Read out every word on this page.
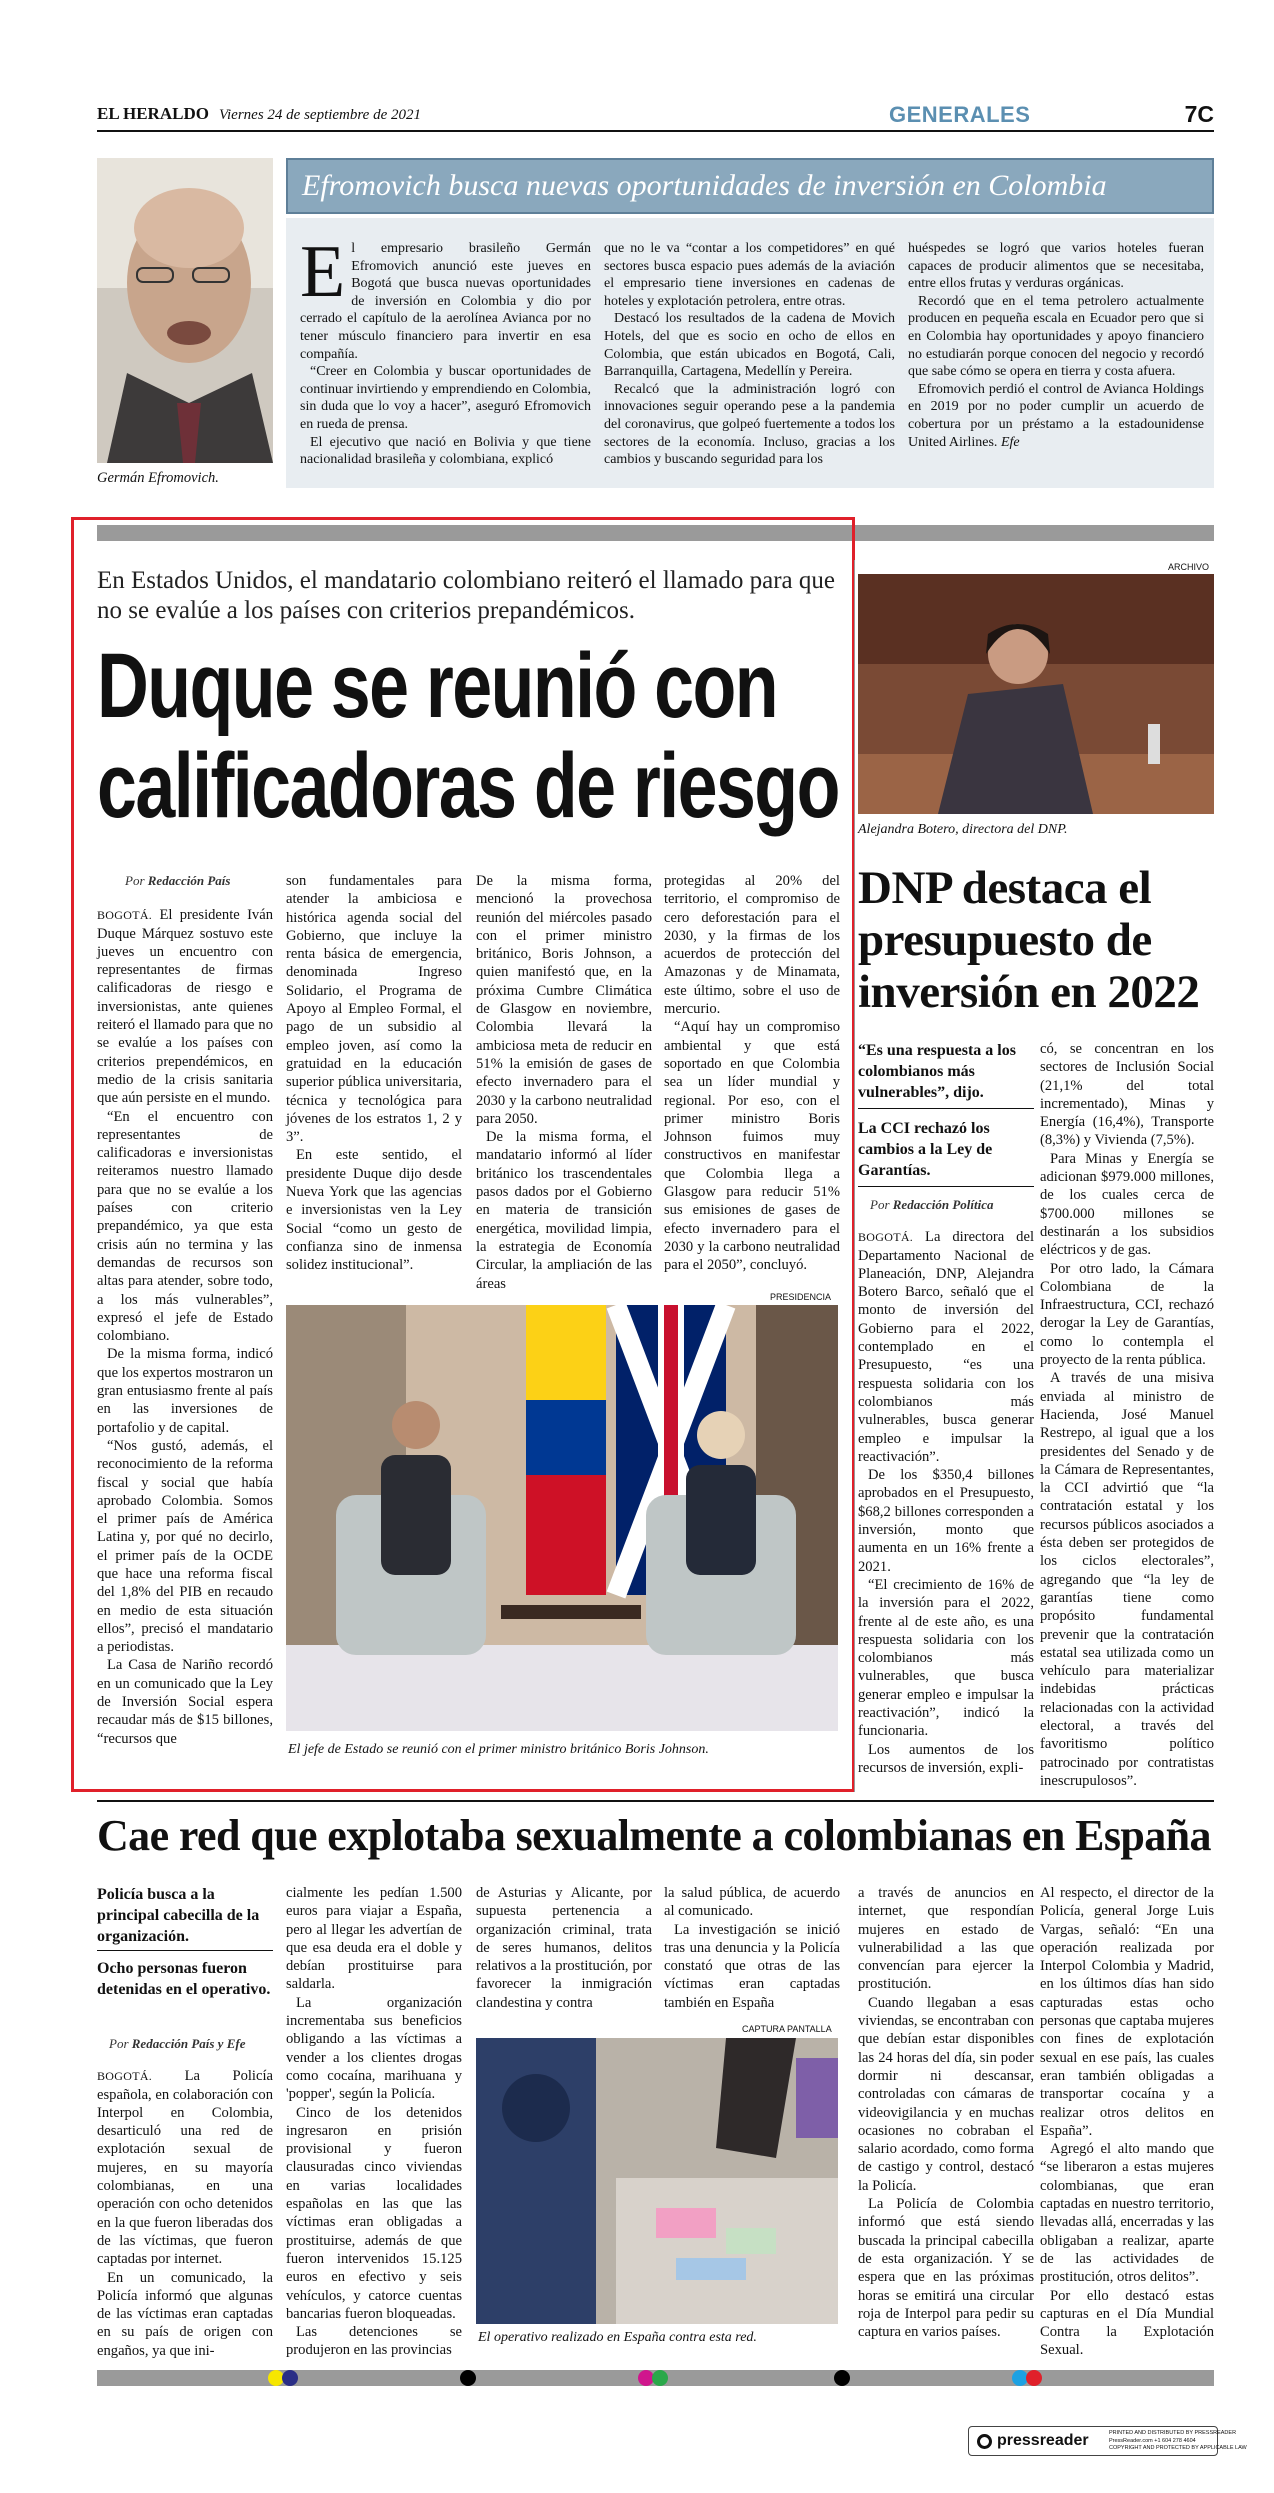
EL HERALDO Viernes 24 de septiembre de 2021	GENERALES	7C
Germán Efromovich.
Efromovich busca nuevas oportunidades de inversión en Colombia

El empresario brasileño Germán Efromovich anunció este jueves en Bogotá que busca nuevas oportunidades de inversión en Colombia y dio por cerrado el capítulo de la aerolínea Avianca por no tener músculo financiero para invertir en esa compañía.

“Creer en Colombia y buscar oportunidades de continuar invirtiendo y emprendiendo en Colombia, sin duda que lo voy a hacer”, aseguró Efromovich en rueda de prensa.

El ejecutivo que nació en Bolivia y que tiene nacionalidad brasileña y colombiana, explicó

que no le va “contar a los competidores” en qué sectores busca espacio pues además de la aviación el empresario tiene inversiones en cadenas de hoteles y explotación petrolera, entre otras.

Destacó los resultados de la cadena de Movich Hotels, del que es socio en ocho de ellos en Colombia, que están ubicados en Bogotá, Cali, Barranquilla, Cartagena, Medellín y Pereira.

Recalcó que la administración logró con innovaciones seguir operando pese a la pandemia del coronavirus, que golpeó fuertemente a todos los sectores de la economía. Incluso, gracias a los cambios y buscando seguridad para los

huéspedes se logró que varios hoteles fueran capaces de producir alimentos que se necesitaba, entre ellos frutas y verduras orgánicas.

Recordó que en el tema petrolero actualmente producen en pequeña escala en Ecuador pero que si en Colombia hay oportunidades y apoyo financiero no estudiarán porque conocen del negocio y recordó que sabe cómo se opera en tierra y costa afuera.

Efromovich perdió el control de Avianca Holdings en 2019 por no poder cumplir un acuerdo de cobertura por un préstamo a la estadounidense United Airlines. Efe

En Estados Unidos, el mandatario colombiano reiteró el llamado para que no se evalúe a los países con criterios prepandémicos.
Duque se reunió con
calificadoras de riesgo
Por Redacción País

BOGOTÁ. El presidente Iván Duque Márquez sostuvo este jueves un encuentro con representantes de firmas calificadoras de riesgo e inversionistas, ante quienes reiteró el llamado para que no se evalúe a los países con criterios prependémicos, en medio de la crisis sanitaria que aún persiste en el mundo.

“En el encuentro con representantes de calificadoras e inversionistas reiteramos nuestro llamado para que no se evalúe a los países con criterio prepandémico, ya que esta crisis aún no termina y las demandas de recursos son altas para atender, sobre todo, a los más vulnerables”, expresó el jefe de Estado colombiano.

De la misma forma, indicó que los expertos mostraron un gran entusiasmo frente al país en las inversiones de portafolio y de capital.

“Nos gustó, además, el reconocimiento de la reforma fiscal y social que había aprobado Colombia. Somos el primer país de América Latina y, por qué no decirlo, el primer país de la OCDE que hace una reforma fiscal del 1,8% del PIB en recaudo en medio de esta situación ellos”, precisó el mandatario a periodistas.

La Casa de Nariño recordó en un comunicado que la Ley de Inversión Social espera recaudar más de $15 billones, “recursos que

son fundamentales para atender la ambiciosa e histórica agenda social del Gobierno, que incluye la renta básica de emergencia, denominada Ingreso Solidario, el Programa de Apoyo al Empleo Formal, el pago de un subsidio al empleo joven, así como la gratuidad en la educación superior pública universitaria, técnica y tecnológica para jóvenes de los estratos 1, 2 y 3”.

En este sentido, el presidente Duque dijo desde Nueva York que las agencias e inversionistas ven la Ley Social “como un gesto de confianza sino de inmensa solidez institucional”.

De la misma forma, mencionó la provechosa reunión del miércoles pasado con el primer ministro británico, Boris Johnson, a quien manifestó que, en la próxima Cumbre Climática de Glasgow en noviembre, Colombia llevará la ambiciosa meta de reducir en 51% la emisión de gases de efecto invernadero para el 2030 y la carbono neutralidad para 2050.

De la misma forma, el mandatario informó al líder británico los trascendentales pasos dados por el Gobierno en materia de transición energética, movilidad limpia, la estrategia de Economía Circular, la ampliación de las áreas

protegidas al 20% del territorio, el compromiso de cero deforestación para el 2030, y la firmas de los acuerdos de protección del Amazonas y de Minamata, este último, sobre el uso de mercurio.

“Aquí hay un compromiso ambiental y que está soportado en que Colombia sea un líder mundial y regional. Por eso, con el primer ministro Boris Johnson fuimos muy constructivos en manifestar que Colombia llega a Glasgow para reducir 51% sus emisiones de gases de efecto invernadero para el 2030 y la carbono neutralidad para el 2050”, concluyó.

PRESIDENCIA
El jefe de Estado se reunió con el primer ministro británico Boris Johnson.
ARCHIVO
Alejandra Botero, directora del DNP.
DNP destaca el presupuesto de inversión en 2022
“Es una respuesta a los colombianos más vulnerables”, dijo.
La CCI rechazó los cambios a la Ley de Garantías.
Por Redacción Política

BOGOTÁ. La directora del Departamento Nacional de Planeación, DNP, Alejandra Botero Barco, señaló que el monto de inversión del Gobierno para el 2022, contemplado en el Presupuesto, “es una respuesta solidaria con los colombianos más vulnerables, busca generar empleo e impulsar la reactivación”.

De los $350,4 billones aprobados en el Presupuesto, $68,2 billones corresponden a inversión, monto que aumenta en un 16% frente a 2021.

“El crecimiento de 16% de la inversión para el 2022, frente al de este año, es una respuesta solidaria con los colombianos más vulnerables, que busca generar empleo e impulsar la reactivación”, indicó la funcionaria.

Los aumentos de los recursos de inversión, expli-

có, se concentran en los sectores de Inclusión Social (21,1% del total incrementado), Minas y Energía (16,4%), Transporte (8,3%) y Vivienda (7,5%).

Para Minas y Energía se adicionan $979.000 millones, de los cuales cerca de $700.000 millones se destinarán a los subsidios eléctricos y de gas.

Por otro lado, la Cámara Colombiana de la Infraestructura, CCI, rechazó derogar la Ley de Garantías, como lo contempla el proyecto de la renta pública.

A través de una misiva enviada al ministro de Hacienda, José Manuel Restrepo, al igual que a los presidentes del Senado y de la Cámara de Representantes, la CCI advirtió que “la contratación estatal y los recursos públicos asociados a ésta deben ser protegidos de los ciclos electorales”, agregando que “la ley de garantías tiene como propósito fundamental prevenir que la contratación estatal sea utilizada como un vehículo para materializar indebidas prácticas relacionadas con la actividad electoral, a través del favoritismo político patrocinado por contratistas inescrupulosos”.

Cae red que explotaba sexualmente a colombianas en España
Policía busca a la principal cabecilla de la organización.
Ocho personas fueron detenidas en el operativo.
Por Redacción País y Efe

BOGOTÁ. La Policía española, en colaboración con Interpol en Colombia, desarticuló una red de explotación sexual de mujeres, en su mayoría colombianas, en una operación con ocho detenidos en la que fueron liberadas dos de las víctimas, que fueron captadas por internet.

En un comunicado, la Policía informó que algunas de las víctimas eran captadas en su país de origen con engaños, ya que ini-

cialmente les pedían 1.500 euros para viajar a España, pero al llegar les advertían de que esa deuda era el doble y debían prostituirse para saldarla.

La organización incrementaba sus beneficios obligando a las víctimas a vender a los clientes drogas como cocaína, marihuana y 'popper', según la Policía.

Cinco de los detenidos ingresaron en prisión provisional y fueron clausuradas cinco viviendas en varias localidades españolas en las que las víctimas eran obligadas a prostituirse, además de que fueron intervenidos 15.125 euros en efectivo y seis vehículos, y catorce cuentas bancarias fueron bloqueadas.

Las detenciones se produjeron en las provincias

de Asturias y Alicante, por supuesta pertenencia a organización criminal, trata de seres humanos, delitos relativos a la prostitución, por favorecer la inmigración clandestina y contra

la salud pública, de acuerdo al comunicado.

La investigación se inició tras una denuncia y la Policía constató que otras de las víctimas eran captadas también en España

CAPTURA PANTALLA
El operativo realizado en España contra esta red.

a través de anuncios en internet, que respondían mujeres en estado de vulnerabilidad a las que convencían para ejercer la prostitución.

Cuando llegaban a esas viviendas, se encontraban con que debían estar disponibles las 24 horas del día, sin poder dormir ni descansar, controladas con cámaras de videovigilancia y en muchas ocasiones no cobraban el salario acordado, como forma de castigo y control, destacó la Policía.

La Policía de Colombia informó que está siendo buscada la principal cabecilla de esta organización. Y se espera que en las próximas horas se emitirá una circular roja de Interpol para pedir su captura en varios países.

Al respecto, el director de la Policía, general Jorge Luis Vargas, señaló: “En una operación realizada por Interpol Colombia y Madrid, en los últimos días han sido capturadas estas ocho personas que captaba mujeres con fines de explotación sexual en ese país, las cuales eran también obligadas a transportar cocaína y a realizar otros delitos en España”.

Agregó el alto mando que “se liberaron a estas mujeres colombianas, que eran captadas en nuestro territorio, llevadas allá, encerradas y las obligaban a realizar, aparte de las actividades de prostitución, otros delitos”.

Por ello destacó estas capturas en el Día Mundial Contra la Explotación Sexual.

pressreader	PRINTED AND DISTRIBUTED BY PRESSREADER
PressReader.com +1 604 278 4604
COPYRIGHT AND PROTECTED BY APPLICABLE LAW
